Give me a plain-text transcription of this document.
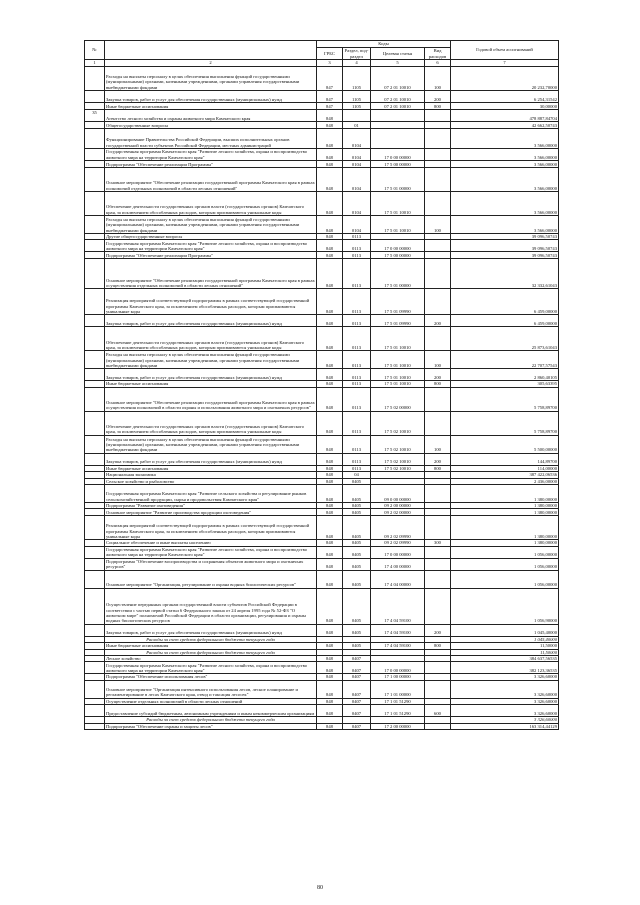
№		Коды				Годовой объем ассигнований
		ГРБС	Раздел, под-раздел	Целевая статья	Вид расходов	
1	2	3	4	5	6	7
	Расходы на выплаты персоналу в целях обеспечения выполнения функций государственными (муниципальными) органами, казенными учреждениями, органами управления государственными внебюджетными фондами	847	1105	07 2 01 10010	100	20 232,70000
	Закупка товаров, работ и услуг для обеспечения государственных (муниципальных) нужд	847	1105	07 2 01 10010	200	6 254,31542
	Иные бюджетные ассигнования	847	1105	07 2 01 10010	800	30,00000
35	Агентство лесного хозяйства и охраны животного мира Камчатского края	848				478 887,84704
	Общегосударственные вопросы	848	01			42 662,50743
	Функционирование Правительства Российской Федерации, высших исполнительных органов государственной власти субъектов Российской Федерации, местных администраций	848	0104			3 566,00000
	Государственная программа Камчатского края "Развитие лесного хозяйства, охрана и воспроизводство животного мира на территории Камчатского края"	848	0104	17 0 00 00000		3 566,00000
	Подпрограмма "Обеспечение реализации Программы"	848	0104	17 5 00 00000		3 566,00000
	Основное мероприятие "Обеспечение реализации государственной программы Камчатского края в рамках полномочий отдельных полномочий в области лесных отношений"	848	0104	17 5 01 00000		3 566,00000
	Обеспечение деятельности государственных органов власти (государственных органов) Камчатского края, за исключением обособленных расходов, которым присваиваются уникальные коды	848	0104	17 5 01 10010		3 566,00000
	Расходы на выплаты персоналу в целях обеспечения выполнения функций государственными (муниципальными) органами, казенными учреждениями, органами управления государственными внебюджетными фондами	848	0104	17 5 01 10010	100	3 566,00000
	Другие общегосударственные вопросы	848	0113			39 096,50743
	Государственная программа Камчатского края "Развитие лесного хозяйства, охрана и воспроизводство животного мира на территории Камчатского края"	848	0113	17 0 00 00000		39 096,50743
	Подпрограмма "Обеспечение реализации Программы"	848	0113	17 5 00 00000		39 096,50743
	Основное мероприятие "Обеспечение реализации государственной программы Камчатского края в рамках осуществления отдельных полномочий в области лесных отношений"	848	0113	17 5 01 00000		32 332,61043
	Реализация мероприятий соответствующей подпрограммы в рамках соответствующей государственной программы Камчатского края, за исключением обособленных расходов, которым присваиваются уникальные коды	848	0113	17 5 01 09990		6 459,00000
	Закупка товаров, работ и услуг для обеспечения государственных (муниципальных) нужд	848	0113	17 5 01 09990	200	6 459,00000
	Обеспечение деятельности государственных органов власти (государственных органов) Камчатского края, за исключением обособленных расходов, которым присваиваются уникальные коды	848	0113	17 5 01 10010		25 873,61043
	Расходы на выплаты персоналу в целях обеспечения выполнения функций государственными (муниципальными) органами, казенными учреждениями, органами управления государственными внебюджетными фондами	848	0113	17 5 01 10010	100	22 707,57543
	Закупка товаров, работ и услуг для обеспечения государственных (муниципальных) нужд	848	0113	17 5 01 10010	200	2 860,40105
	Иные бюджетные ассигнования	848	0113	17 5 01 10010	800	305,63395
	Основное мероприятие "Обеспечение реализации государственной программы Камчатского края в рамках осуществления полномочий в области охраны и использования животного мира и охотничьих ресурсов"	848	0113	17 5 02 00000		5 758,89700
	Обеспечение деятельности государственных органов власти (государственных органов) Камчатского края, за исключением обособленных расходов, которым присваиваются уникальные коды	848	0113	17 5 02 10010		5 758,89700
	Расходы на выплаты персоналу в целях обеспечения выполнения функций государственными (муниципальными) органами, казенными учреждениями, органами управления государственными внебюджетными фондами	848	0113	17 5 02 10010	100	5 500,00000
	Закупка товаров, работ и услуг для обеспечения государственных (муниципальных) нужд	848	0113	17 5 02 10010	200	144,89700
	Иные бюджетные ассигнования	848	0113	17 5 02 10010	800	114,00000
	Национальная экономика	848	04			387 422,06536
	Сельское хозяйство и рыболовство	848	0405			2 436,00000
	Государственная программа Камчатского края "Развитие сельского хозяйства и регулирование рынков сельскохозяйственной продукции, сырья и продовольствия Камчатского края"	848	0405	09 0 00 00000		1 380,00000
	Подпрограмма "Развитие охотоведения"	848	0405	09 2 00 00000		1 380,00000
	Основное мероприятие "Развитие производства продукции охотоведения"	848	0405	09 2 02 00000		1 380,00000
	Реализация мероприятий соответствующей подпрограммы в рамках соответствующей государственной программы Камчатского края, за исключением обособленных расходов, которым присваиваются уникальные коды	848	0405	09 2 02 09990		1 380,00000
	Социальное обеспечение и иные выплаты населению	848	0405	09 2 02 09990	300	1 380,00000
	Государственная программа Камчатского края "Развитие лесного хозяйства, охрана и воспроизводство животного мира на территории Камчатского края"	848	0405	17 0 00 00000		1 056,00000
	Подпрограмма "Обеспечение воспроизводства и сохранения объектов животного мира и охотничьих ресурсов"	848	0405	17 4 00 00000		1 056,00000
	Основное мероприятие "Организация, регулирование и охрана водных биологических ресурсов"	848	0405	17 4 04 00000		1 056,00000
	Осуществление переданных органам государственной власти субъектов Российской Федерации в соответствии с частью первой статьи 6 Федерального закона от 24 апреля 1995 года № 52-ФЗ "О животном мире" полномочий Российской Федерации в области организации, регулирования и охраны водных биологических ресурсов	848	0405	17 4 04 59100		1 056,90000
	Закупка товаров, работ и услуг для обеспечения государственных (муниципальных) нужд	848	0405	17 4 04 59100	200	1 045,40000
	Расходы за счет средств федерального бюджета текущего года					1 045,40000
	Иные бюджетные ассигнования	848	0405	17 4 04 59100	800	11,50000
	Расходы за счет средств федерального бюджета текущего года					11,50000
	Лесное хозяйство	848	0407			384 637,56535
	Государственная программа Камчатского края "Развитие лесного хозяйства, охрана и воспроизводство животного мира на территории Камчатского края"	848	0407	17 0 00 00000		382 123,36535
	Подпрограмма "Обеспечение использования лесов"	848	0407	17 1 00 00000		3 326,60000
	Основное мероприятие "Организация интенсивного использования лесов, лесное планирование и регламентирование в лесах Камчатского края, отвод и таксация лесосек"	848	0407	17 1 01 00000		3 326,60000
	Осуществление отдельных полномочий в области лесных отношений	848	0407	17 1 01 51290		3 326,60000
	Предоставление субсидий бюджетным, автономным учреждениям и иным некоммерческим организациям	848	0407	17 1 01 51290	600	3 326,60000
	Расходы за счет средств федерального бюджета текущего года					3 326,60000
	Подпрограмма "Обеспечение охраны и защиты лесов"	848	0407	17 2 00 00000		163 314,44129
80
